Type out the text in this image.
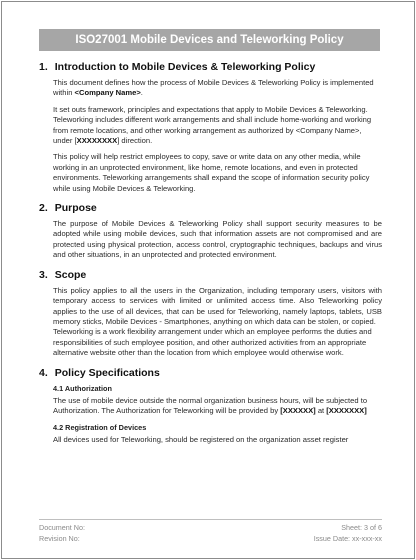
ISO27001 Mobile Devices and Teleworking Policy
1. Introduction to Mobile Devices & Teleworking Policy

This document defines how the process of Mobile Devices & Teleworking Policy is implemented within <Company Name>.

It set outs framework, principles and expectations that apply to Mobile Devices & Teleworking. Teleworking includes different work arrangements and shall include home-working and working from remote locations, and other working arrangement as authorized by <Company Name>, under [XXXXXXXX] direction.

This policy will help restrict employees to copy, save or write data on any other media, while working in an unprotected environment, like home, remote locations, and even in protected environments. Teleworking arrangements shall expand the scope of information security policy while using Mobile Devices & Teleworking.

2. Purpose

The purpose of Mobile Devices & Teleworking Policy shall support security measures to be adopted while using mobile devices, such that information assets are not compromised and are protected using physical protection, access control, cryptographic techniques, backups and virus and other situations, in an unprotected and protected environment.

3. Scope

This policy applies to all the users in the Organization, including temporary users, visitors with temporary access to services with limited or unlimited access time. Also Teleworking policy applies to the use of all devices, that can be used for Teleworking, namely laptops, tablets, USB memory sticks, Mobile Devices - Smartphones, anything on which data can be stolen, or copied.

Teleworking is a work flexibility arrangement under which an employee performs the duties and responsibilities of such employee position, and other authorized activities from an appropriate alternative website other than the location from which employee would otherwise work.

4. Policy Specifications
4.1 Authorization

The use of mobile device outside the normal organization business hours, will be subjected to Authorization. The Authorization for Teleworking will be provided by [XXXXXX] at [XXXXXXX]

4.2 Registration of Devices

All devices used for Teleworking, should be registered on the organization asset register

Document No:	Sheet: 3 of 6
Revision No:	Issue Date: xx-xxx-xx
